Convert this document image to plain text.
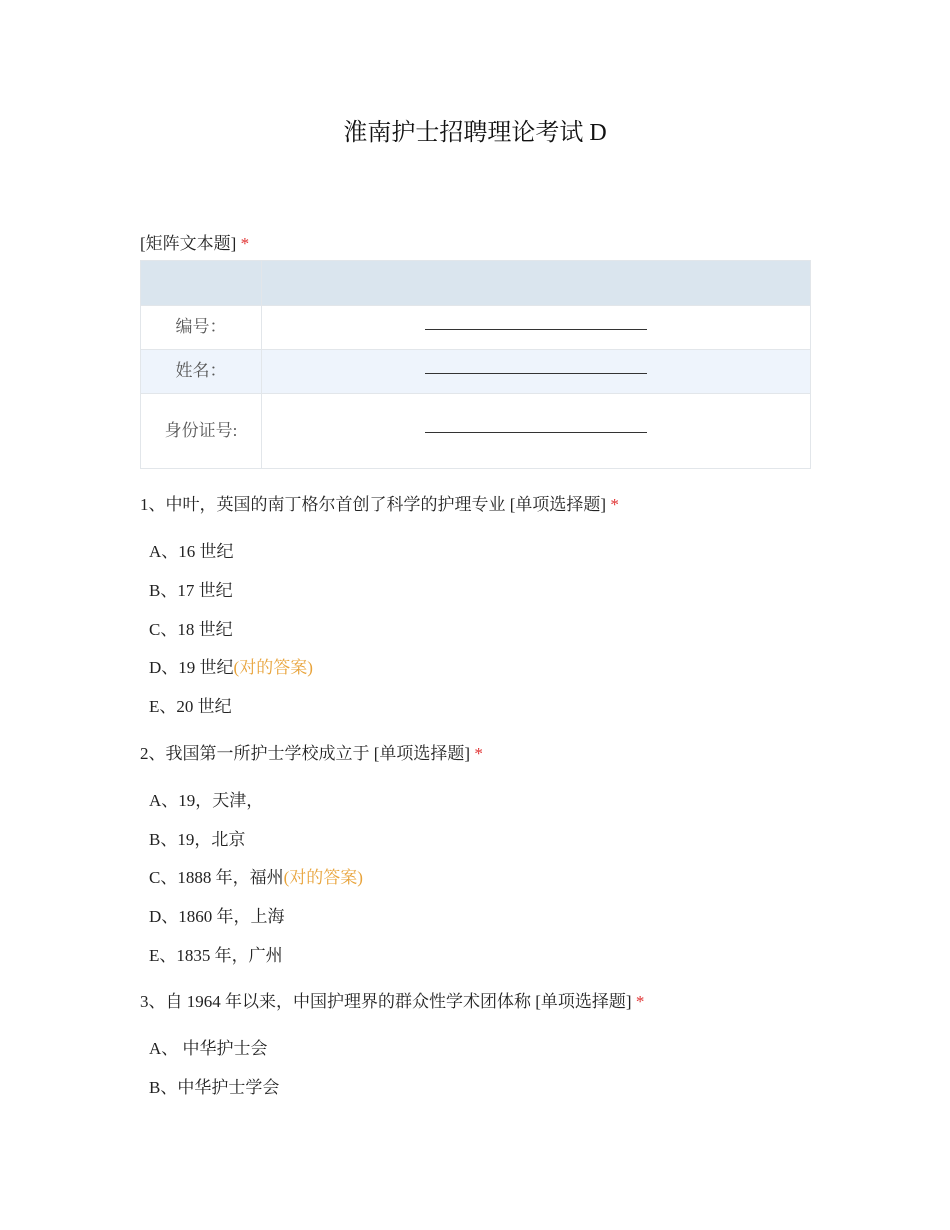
淮南护士招聘理论考试 D
[矩阵文本题] *

编号：	
姓名：	
身份证号:	
1、中叶，英国的南丁格尔首创了科学的护理专业 [单项选择题] *
A、16 世纪
B、17 世纪
C、18 世纪
D、19 世纪(对的答案)
E、20 世纪
2、我国第一所护士学校成立于 [单项选择题] *
A、19，天津，
B、19，北京
C、1888 年，福州(对的答案)
D、1860 年，上海
E、1835 年，广州
3、自 1964 年以来，中国护理界的群众性学术团体称 [单项选择题] *
A、 中华护士会
B、中华护士学会
